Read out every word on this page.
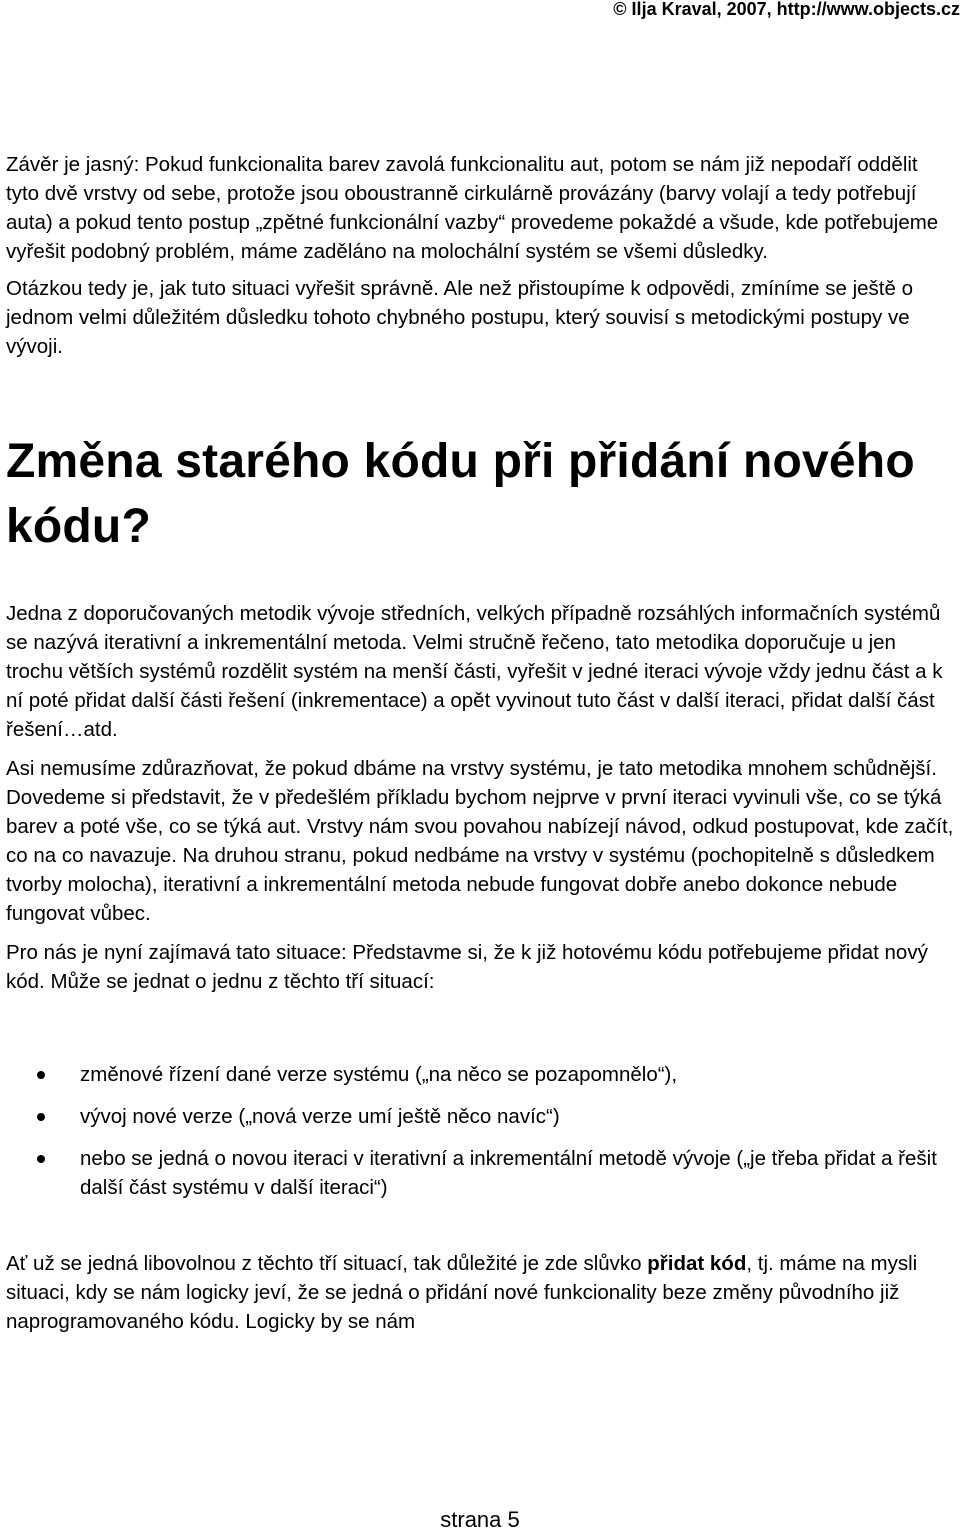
© Ilja Kraval, 2007, http://www.objects.cz

Závěr je jasný: Pokud funkcionalita barev zavolá funkcionalitu aut, potom se nám již nepodaří oddělit tyto dvě vrstvy od sebe, protože jsou oboustranně cirkulárně provázány (barvy volají a tedy potřebují auta) a pokud tento postup „zpětné funkcionální vazby“ provedeme pokaždé a všude, kde potřebujeme vyřešit podobný problém, máme zaděláno na molochální systém se všemi důsledky.

Otázkou tedy je, jak tuto situaci vyřešit správně. Ale než přistoupíme k odpovědi, zmíníme se ještě o jednom velmi důležitém důsledku tohoto chybného postupu, který souvisí s metodickými postupy ve vývoji.

Změna starého kódu při přidání nového kódu?

Jedna z doporučovaných metodik vývoje středních, velkých případně rozsáhlých informačních systémů se nazývá iterativní a inkrementální metoda. Velmi stručně řečeno, tato metodika doporučuje u jen trochu větších systémů rozdělit systém na menší části, vyřešit v jedné iteraci vývoje vždy jednu část a k ní poté přidat další části řešení (inkrementace) a opět vyvinout tuto část v další iteraci, přidat další část řešení…atd.

Asi nemusíme zdůrazňovat, že pokud dbáme na vrstvy systému, je tato metodika mnohem schůdnější. Dovedeme si představit, že v předešlém příkladu bychom nejprve v první iteraci vyvinuli vše, co se týká barev a poté vše, co se týká aut. Vrstvy nám svou povahou nabízejí návod, odkud postupovat, kde začít, co na co navazuje. Na druhou stranu, pokud nedbáme na vrstvy v systému (pochopitelně s důsledkem tvorby molocha), iterativní a inkrementální metoda nebude fungovat dobře anebo dokonce nebude fungovat vůbec.

Pro nás je nyní zajímavá tato situace: Představme si, že k již hotovému kódu potřebujeme přidat nový kód. Může se jednat o jednu z těchto tří situací:

změnové řízení dané verze systému („na něco se pozapomnělo“),
vývoj nové verze („nová verze umí ještě něco navíc“)
nebo se jedná o novou iteraci v iterativní a inkrementální metodě vývoje („je třeba přidat a řešit další část systému v další iteraci“)

Ať už se jedná libovolnou z těchto tří situací, tak důležité je zde slůvko přidat kód, tj. máme na mysli situaci, kdy se nám logicky jeví, že se jedná o přidání nové funkcionality beze změny původního již naprogramovaného kódu. Logicky by se nám

strana 5
